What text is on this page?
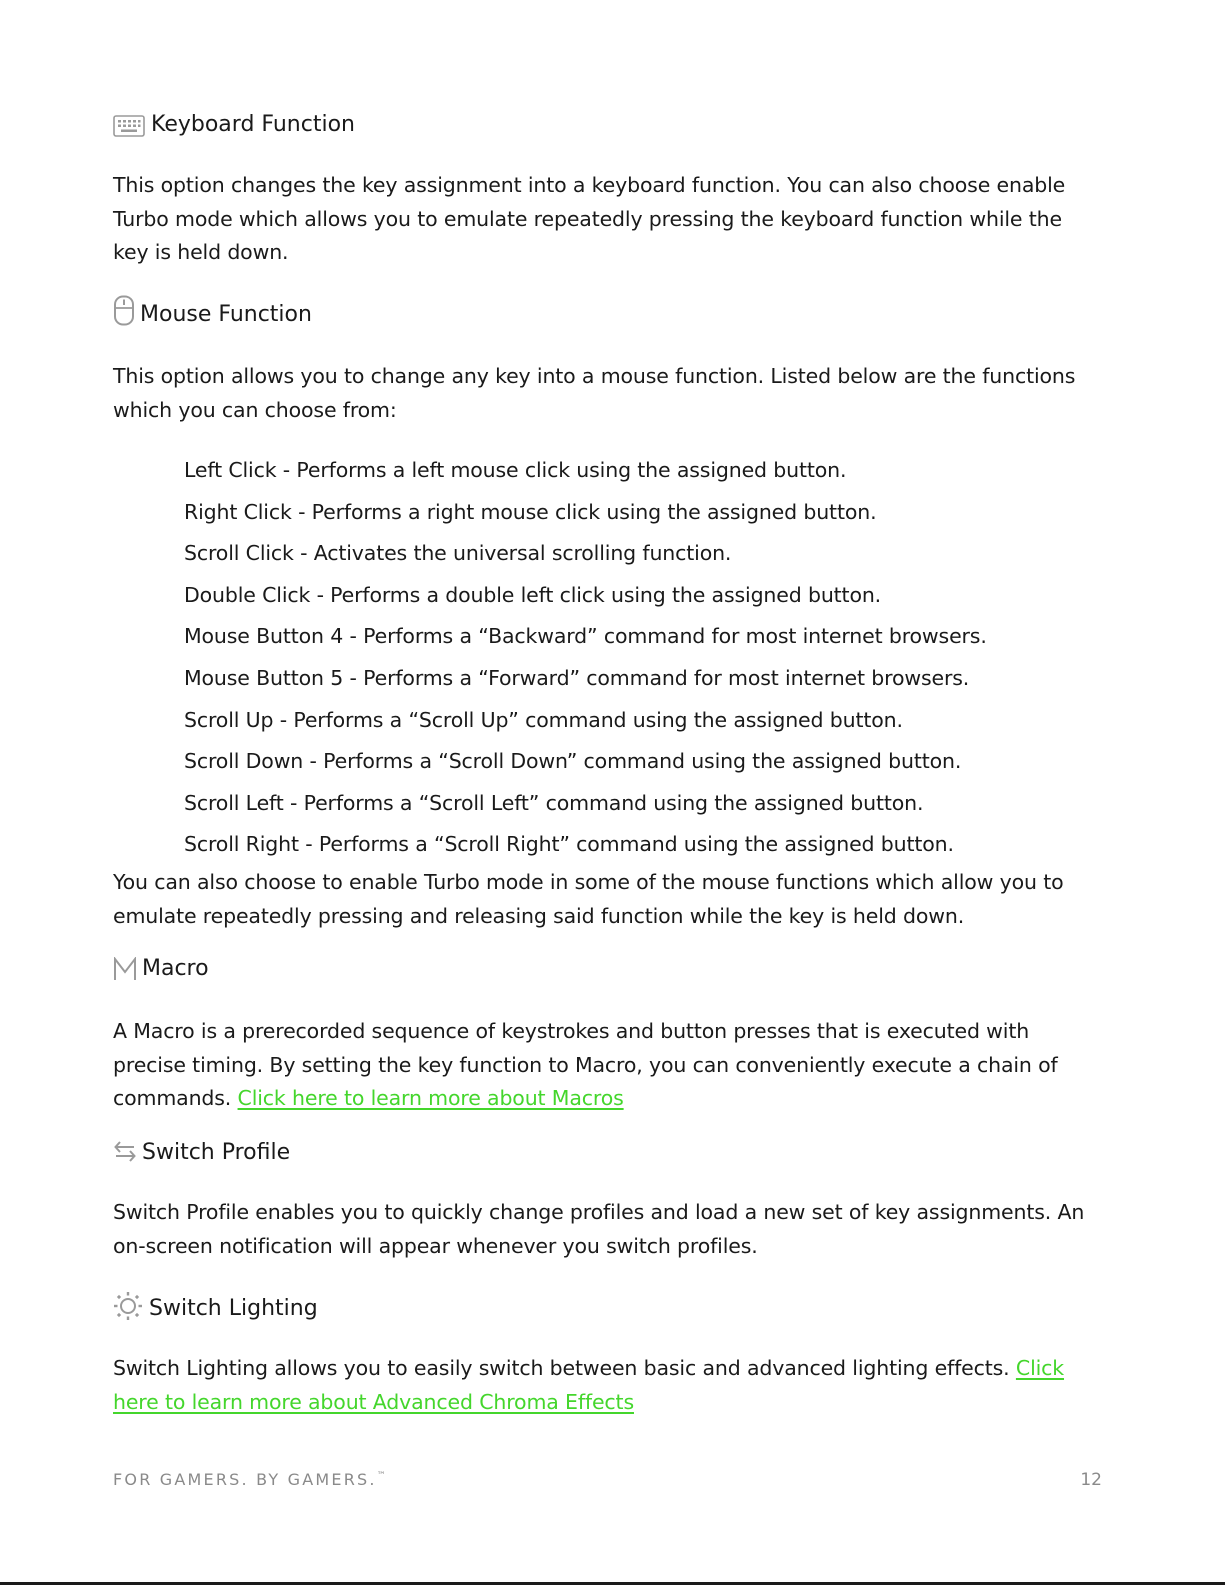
Keyboard Function

This option changes the key assignment into a keyboard function. You can also choose enable Turbo mode which allows you to emulate repeatedly pressing the keyboard function while the key is held down.

Mouse Function

This option allows you to change any key into a mouse function. Listed below are the functions which you can choose from:

Left Click - Performs a left mouse click using the assigned button.
Right Click - Performs a right mouse click using the assigned button.
Scroll Click - Activates the universal scrolling function.
Double Click - Performs a double left click using the assigned button.
Mouse Button 4 - Performs a “Backward” command for most internet browsers.
Mouse Button 5 - Performs a “Forward” command for most internet browsers.
Scroll Up - Performs a “Scroll Up” command using the assigned button.
Scroll Down - Performs a “Scroll Down” command using the assigned button.
Scroll Left - Performs a “Scroll Left” command using the assigned button.
Scroll Right - Performs a “Scroll Right” command using the assigned button.

You can also choose to enable Turbo mode in some of the mouse functions which allow you to emulate repeatedly pressing and releasing said function while the key is held down.

Macro

A Macro is a prerecorded sequence of keystrokes and button presses that is executed with precise timing. By setting the key function to Macro, you can conveniently execute a chain of commands. Click here to learn more about Macros

Switch Profile

Switch Profile enables you to quickly change profiles and load a new set of key assignments. An on-screen notification will appear whenever you switch profiles.

Switch Lighting

Switch Lighting allows you to easily switch between basic and advanced lighting effects. Click here to learn more about Advanced Chroma Effects

FOR GAMERS. BY GAMERS.™	12
